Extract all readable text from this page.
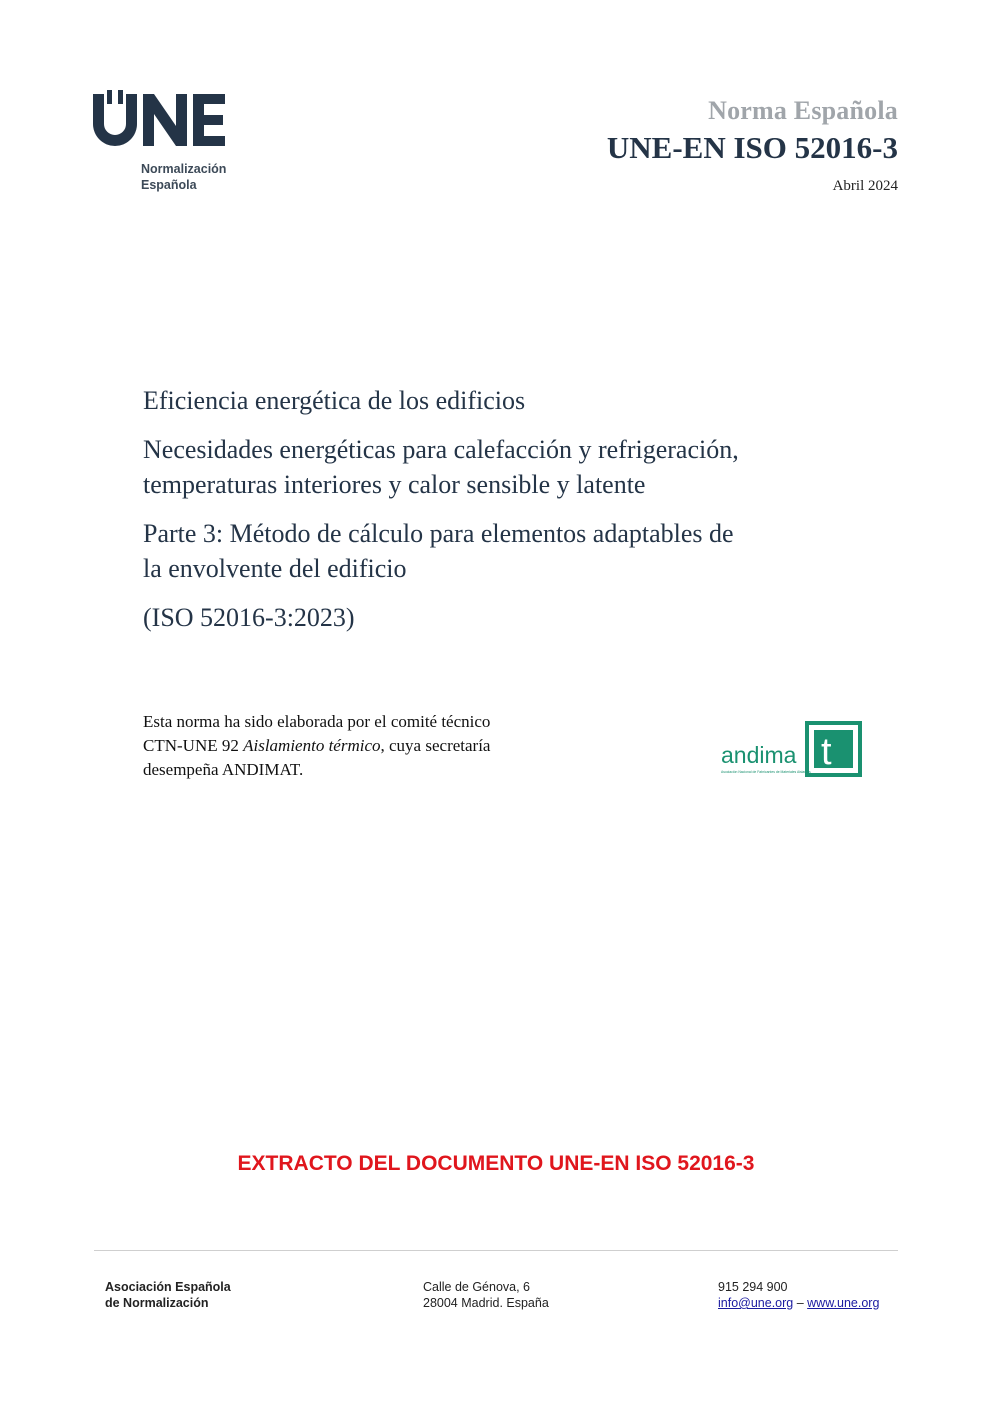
Normalización
Española
Norma Española
UNE-EN ISO 52016-3
Abril 2024
Eficiencia energética de los edificios
Necesidades energéticas para calefacción y refrigeración,
temperaturas interiores y calor sensible y latente
Parte 3: Método de cálculo para elementos adaptables de
la envolvente del edificio
(ISO 52016-3:2023)
Esta norma ha sido elaborada por el comité técnico
CTN-UNE 92 Aislamiento térmico, cuya secretaría
desempeña ANDIMAT.
andima t
Asociación Nacional de Fabricantes de Materiales Aislantes
EXTRACTO DEL DOCUMENTO UNE-EN ISO 52016-3
Asociación Española
de Normalización
Calle de Génova, 6
28004 Madrid. España
915 294 900
info@une.org – www.une.org
